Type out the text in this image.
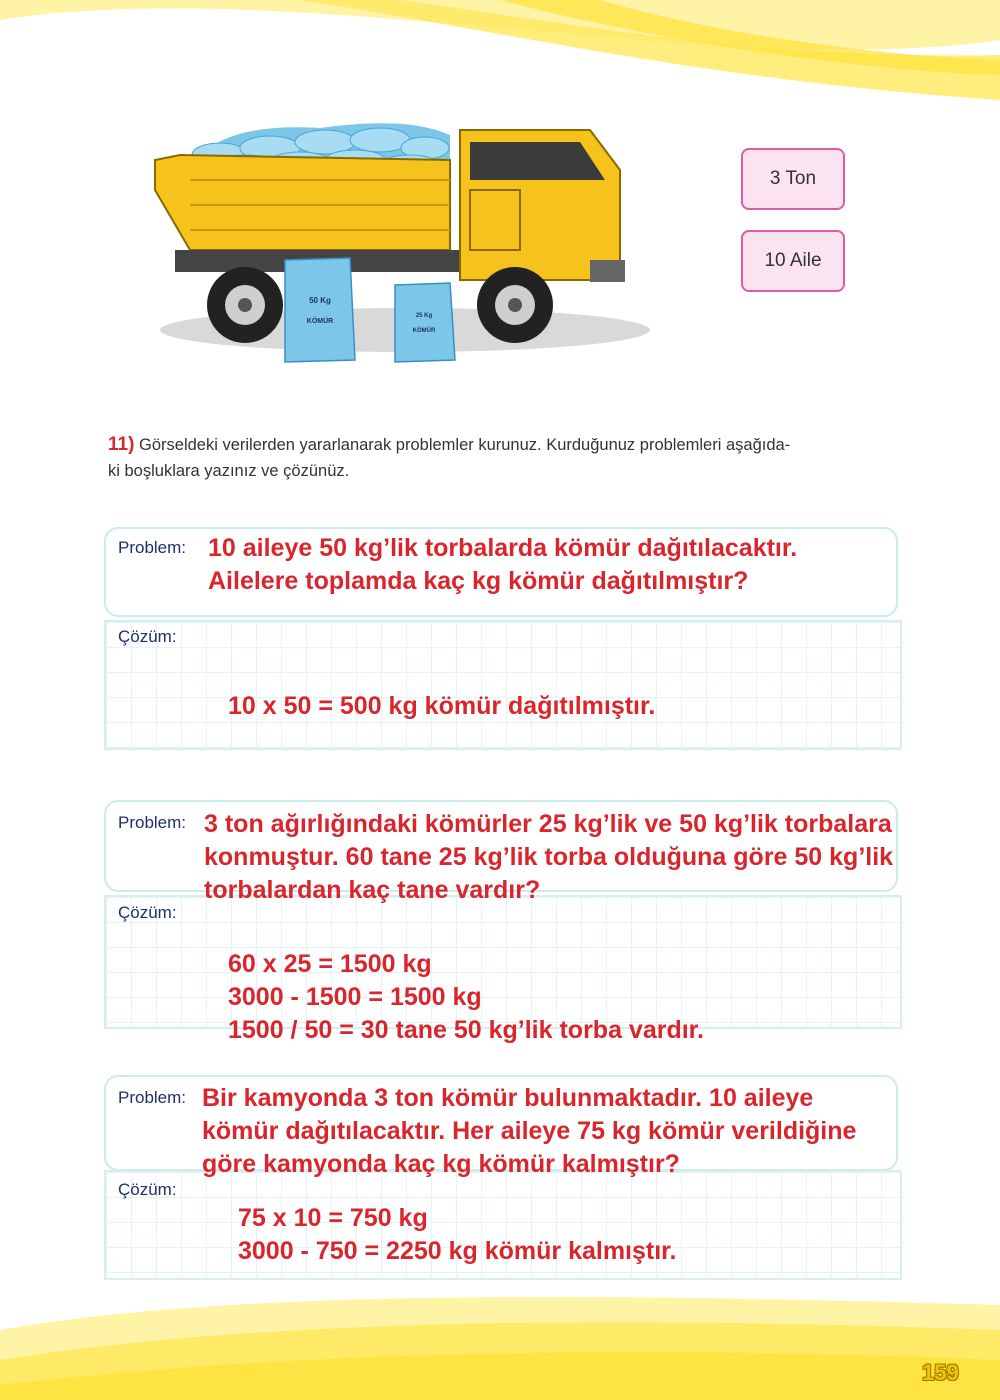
50 Kg
KÖMÜR
25 Kg
KÖMÜR
3 Ton
10 Aile
11) Görseldeki verilerden yararlanarak problemler kurunuz. Kurduğunuz problemleri aşağıda-
ki boşluklara yazınız ve çözünüz.
Problem: 10 aileye 50 kg’lik torbalarda kömür dağıtılacaktır.
Ailelere toplamda kaç kg kömür dağıtılmıştır?
Çözüm:
10 x 50 = 500 kg kömür dağıtılmıştır.
Problem: 3 ton ağırlığındaki kömürler 25 kg’lik ve 50 kg’lik torbalara
konmuştur. 60 tane 25 kg’lik torba olduğuna göre 50 kg’lik
torbalardan kaç tane vardır?
Çözüm:
60 x 25 = 1500 kg
3000 - 1500 = 1500 kg
1500 / 50 = 30 tane 50 kg’lik torba vardır.
Problem: Bir kamyonda 3 ton kömür bulunmaktadır. 10 aileye
kömür dağıtılacaktır. Her aileye 75 kg kömür verildiğine
göre kamyonda kaç kg kömür kalmıştır?
Çözüm:
75 x 10 = 750 kg
3000 - 750 = 2250 kg kömür kalmıştır.
159
